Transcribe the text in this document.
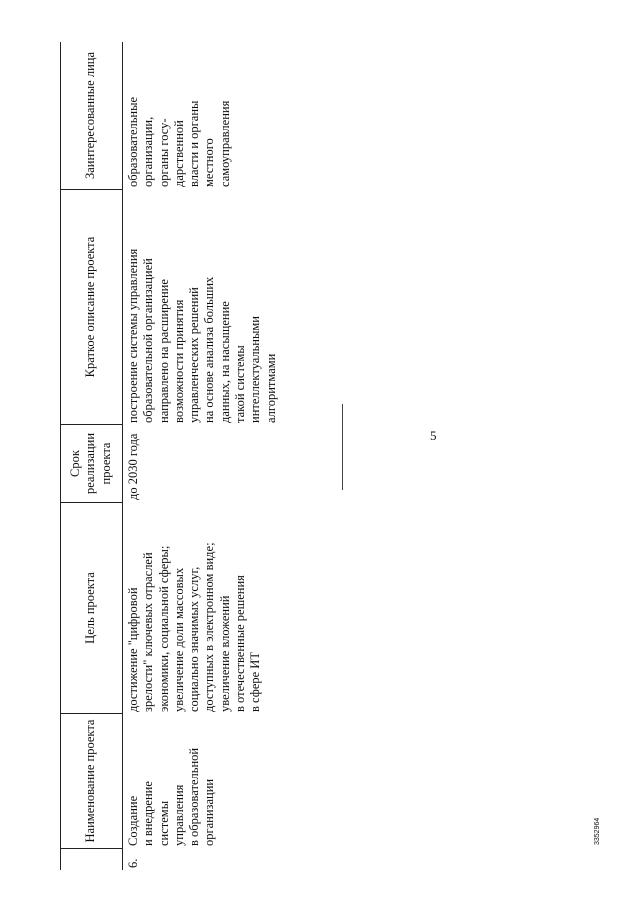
5
3352964
Наименование проекта
Цель проекта
Срок реализации проекта
Краткое описание проекта
Заинтересованные лица
6.
Создание
и внедрение
системы
управления
в образовательной
организации
достижение "цифровой
зрелости" ключевых отраслей
экономики, социальной сферы;
увеличение доли массовых
социально значимых услуг,
доступных в электронном виде;
увеличение вложений
в отечественные решения
в сфере ИТ
до 2030 года
построение системы управления
образовательной организацией
направлено на расширение
возможности принятия
управленческих решений
на основе анализа больших
данных, на насыщение
такой системы
интеллектуальными
алгоритмами
образовательные
организации,
органы госу-
дарственной
власти и органы
местного
самоуправления
